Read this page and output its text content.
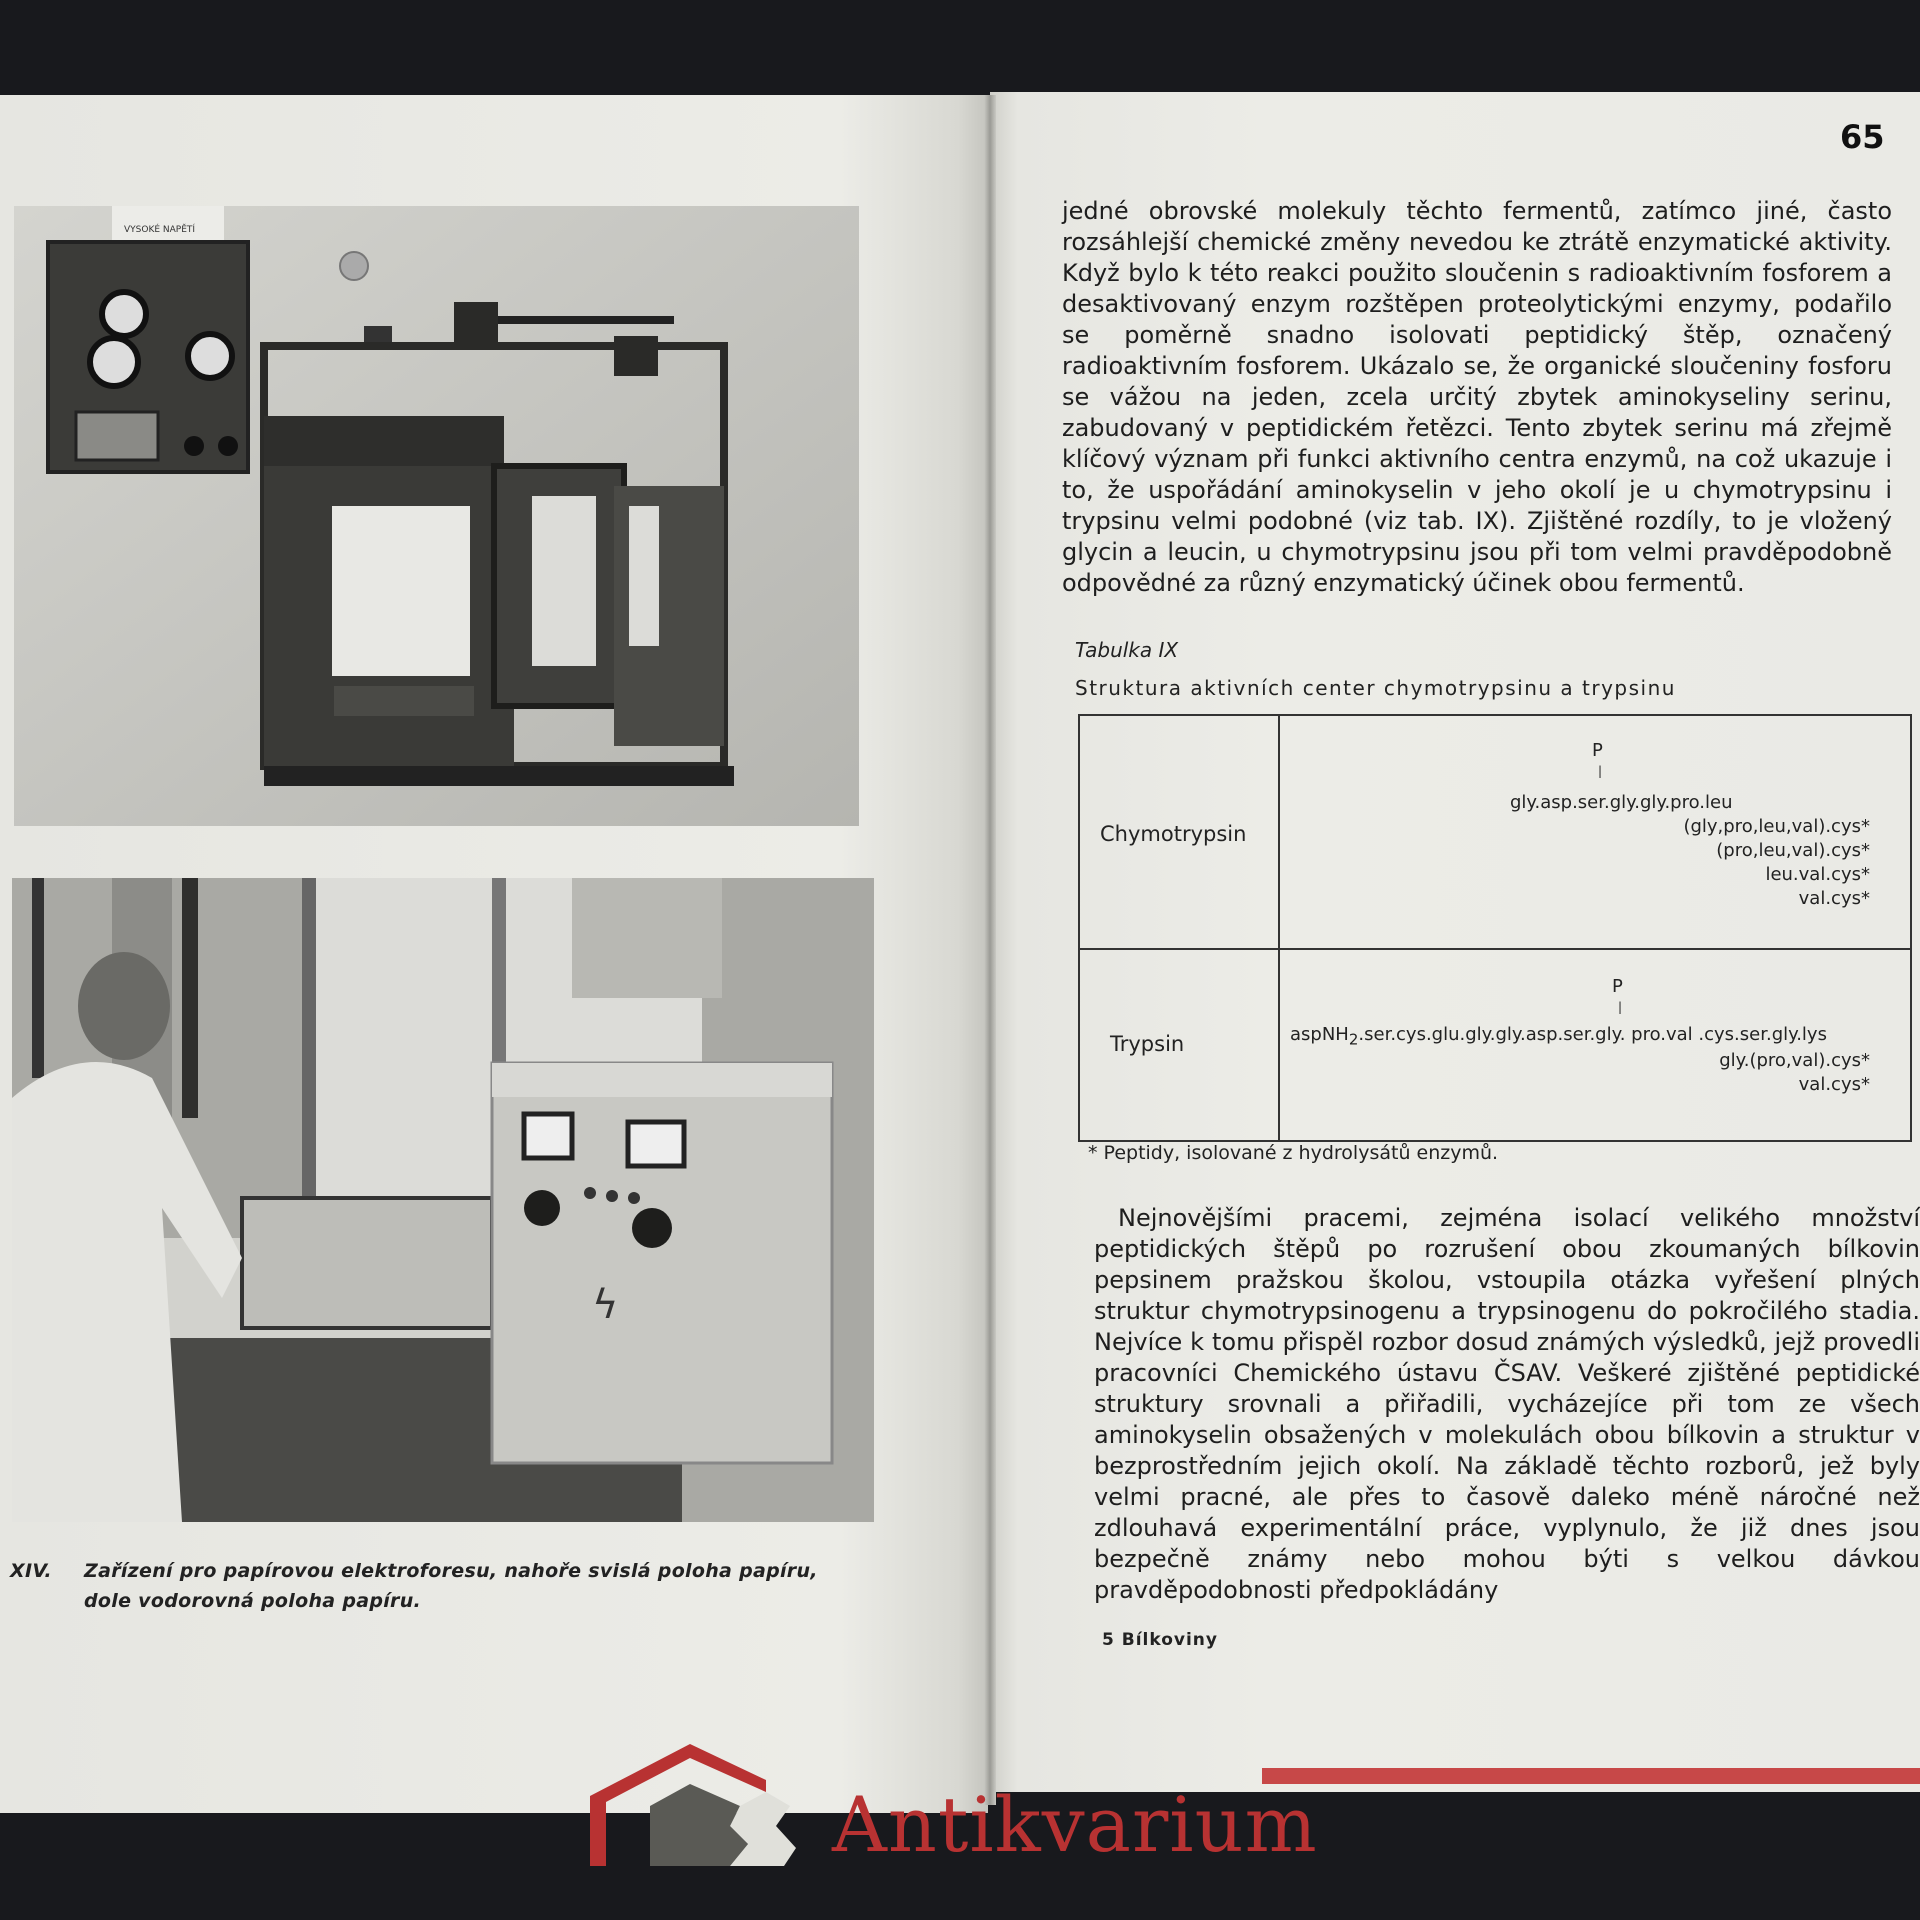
VYSOKÉ NAPĚTÍ
ϟ
XIV. Zařízení pro papírovou elektroforesu, nahoře svislá poloha papíru, dole vodorovná poloha papíru.
65
jedné obrovské molekuly těchto fermentů, zatímco jiné, často rozsáhlejší chemické změny nevedou ke ztrátě enzymatické aktivity. Když bylo k této reakci použito sloučenin s radioaktivním fosforem a desaktivovaný enzym rozštěpen proteolytickými enzymy, podařilo se poměrně snadno isolovati peptidický štěp, označený radioaktivním fosforem. Ukázalo se, že organické sloučeniny fosforu se vážou na jeden, zcela určitý zbytek aminokyseliny serinu, zabudovaný v peptidickém řetězci. Tento zbytek serinu má zřejmě klíčový význam při funkci aktivního centra enzymů, na což ukazuje i to, že uspořádání aminokyselin v jeho okolí je u chymotrypsinu i trypsinu velmi podobné (viz tab. IX). Zjištěné rozdíly, to je vložený glycin a leucin, u chymotrypsinu jsou při tom velmi pravděpodobně odpovědné za různý enzymatický účinek obou fermentů.
Tabulka IX
Struktura aktivních center chymotrypsinu a trypsinu
Chymotrypsin
P
|
gly.asp.ser.gly.gly.pro.leu
(gly,pro,leu,val).cys*
(pro,leu,val).cys*
leu.val.cys*
val.cys*
Trypsin
P
|
aspNH$_2$.ser.cys.glu.gly.gly.asp.ser.gly. pro.val .cys.ser.gly.lys
gly.(pro,val).cys*
val.cys*
* Peptidy, isolované z hydrolysátů enzymů.
Nejnovějšími pracemi, zejména isolací velikého množství peptidických štěpů po rozrušení obou zkoumaných bílkovin pepsinem pražskou školou, vstoupila otázka vyřešení plných struktur chymotrypsinogenu a trypsinogenu do pokročilého stadia. Nejvíce k tomu přispěl rozbor dosud známých výsledků, jejž provedli pracovníci Chemického ústavu ČSAV. Veškeré zjištěné peptidické struktury srovnali a přiřadili, vycházejíce při tom ze všech aminokyselin obsažených v molekulách obou bílkovin a struktur v bezprostředním jejich okolí. Na základě těchto rozborů, jež byly velmi pracné, ale přes to časově daleko méně náročné než zdlouhavá experimentální práce, vyplynulo, že již dnes jsou bezpečně známy nebo mohou býti s velkou dávkou pravděpodobnosti předpokládány
5 Bílkoviny
Antikvarium
